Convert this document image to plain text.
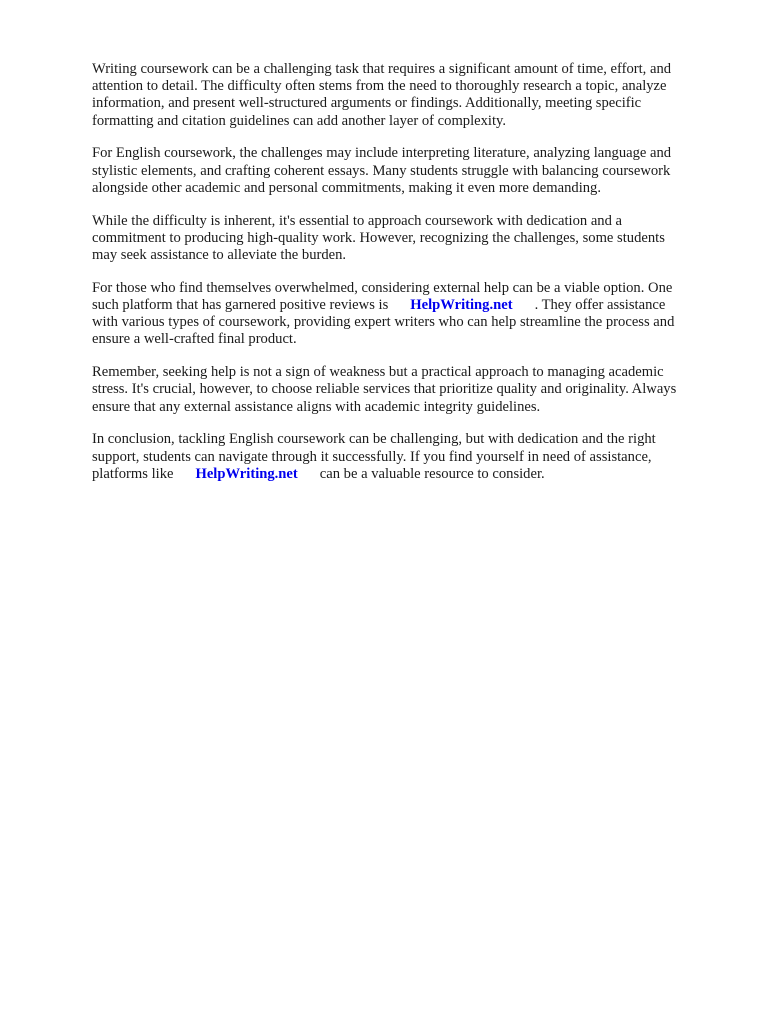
Writing coursework can be a challenging task that requires a significant amount of time, effort, and
attention to detail. The difficulty often stems from the need to thoroughly research a topic, analyze
information, and present well-structured arguments or findings. Additionally, meeting specific
formatting and citation guidelines can add another layer of complexity.

For English coursework, the challenges may include interpreting literature, analyzing language and
stylistic elements, and crafting coherent essays. Many students struggle with balancing coursework
alongside other academic and personal commitments, making it even more demanding.

While the difficulty is inherent, it's essential to approach coursework with dedication and a
commitment to producing high-quality work. However, recognizing the challenges, some students
may seek assistance to alleviate the burden.

For those who find themselves overwhelmed, considering external help can be a viable option. One
such platform that has garnered positive reviews is HelpWriting.net . They offer assistance
with various types of coursework, providing expert writers who can help streamline the process and
ensure a well-crafted final product.

Remember, seeking help is not a sign of weakness but a practical approach to managing academic
stress. It's crucial, however, to choose reliable services that prioritize quality and originality. Always
ensure that any external assistance aligns with academic integrity guidelines.

In conclusion, tackling English coursework can be challenging, but with dedication and the right
support, students can navigate through it successfully. If you find yourself in need of assistance,
platforms like HelpWriting.net can be a valuable resource to consider.
